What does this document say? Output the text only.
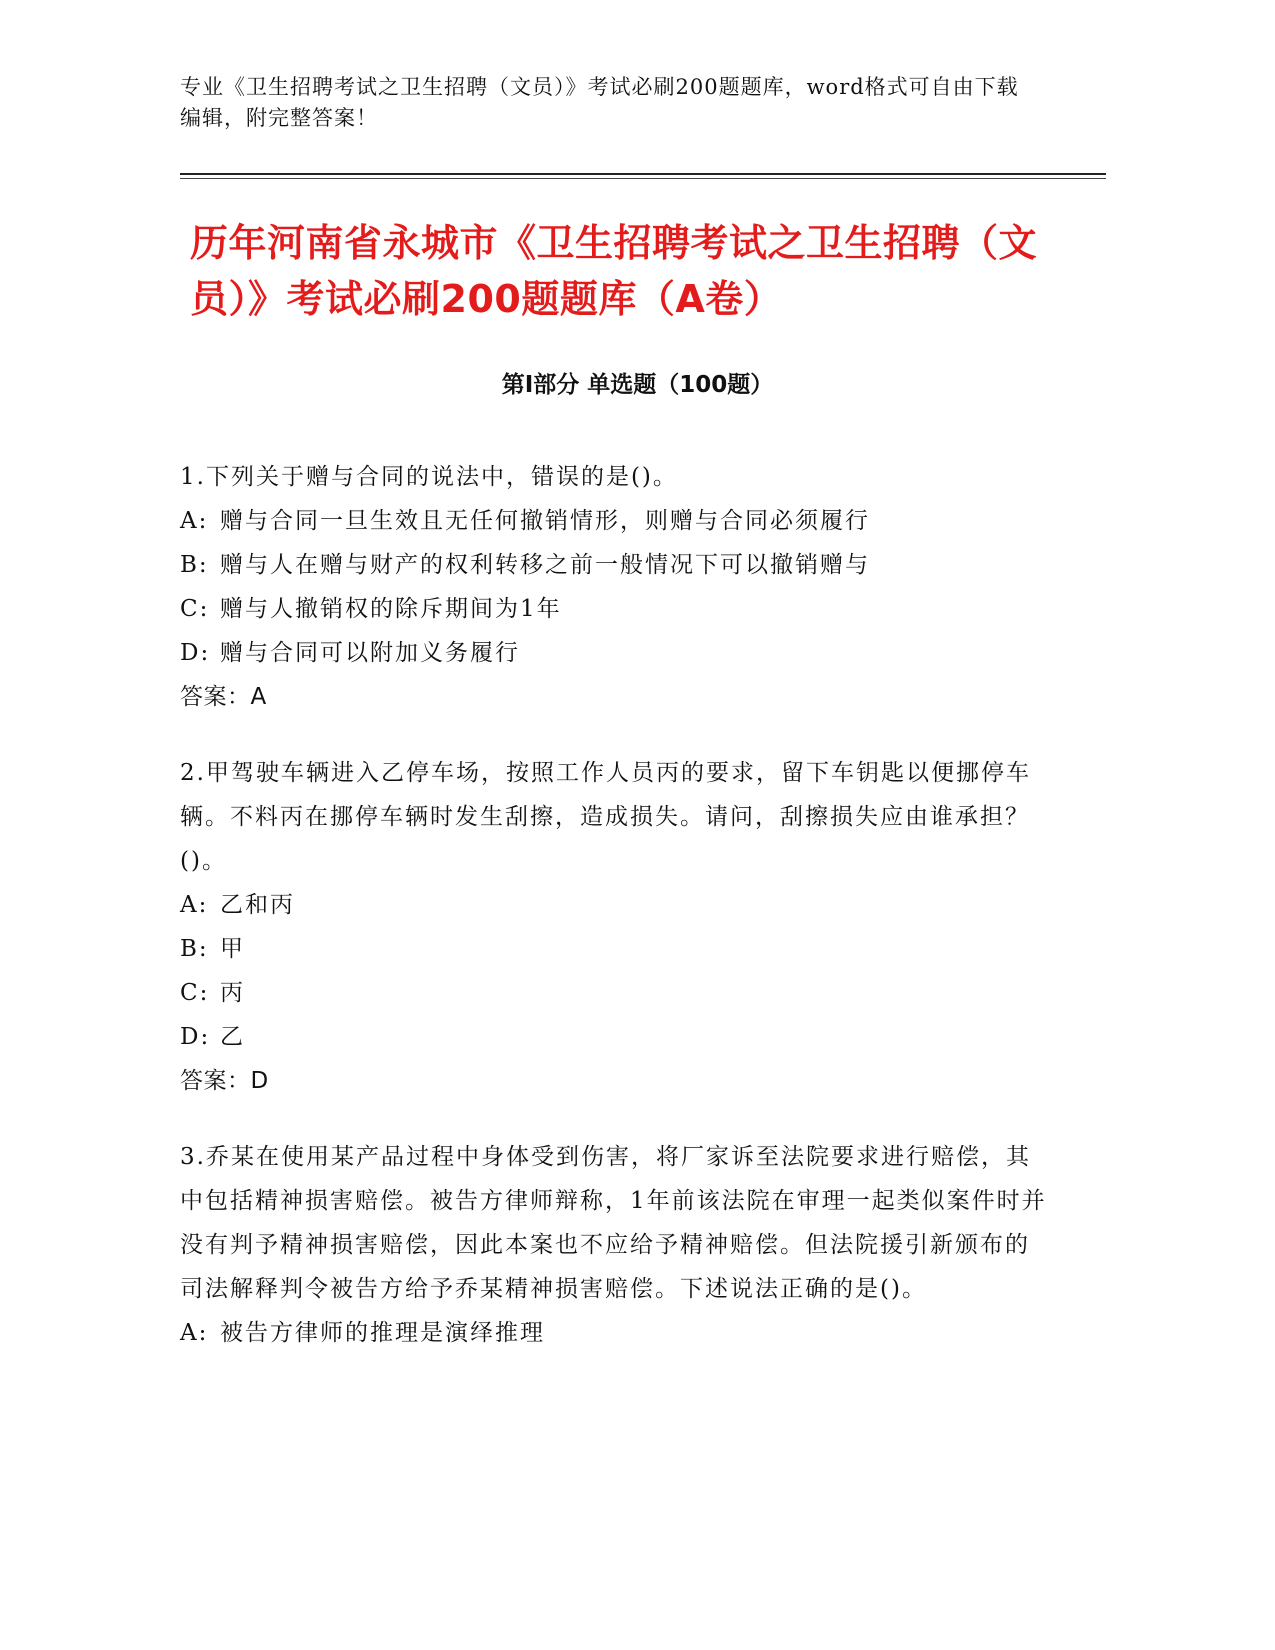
专业《卫生招聘考试之卫生招聘（文员）》考试必刷200题题库，word格式可自由下载编辑，附完整答案！
历年河南省永城市《卫生招聘考试之卫生招聘（文员）》考试必刷200题题库（A卷）
第Ⅰ部分 单选题（100题）

1.下列关于赠与合同的说法中，错误的是()。

A: 赠与合同一旦生效且无任何撤销情形，则赠与合同必须履行

B: 赠与人在赠与财产的权利转移之前一般情况下可以撤销赠与

C: 赠与人撤销权的除斥期间为1年

D: 赠与合同可以附加义务履行

答案：A

2.甲驾驶车辆进入乙停车场，按照工作人员丙的要求，留下车钥匙以便挪停车辆。不料丙在挪停车辆时发生刮擦，造成损失。请问，刮擦损失应由谁承担？()。

A: 乙和丙

B: 甲

C: 丙

D: 乙

答案：D

3.乔某在使用某产品过程中身体受到伤害，将厂家诉至法院要求进行赔偿，其中包括精神损害赔偿。被告方律师辩称，1年前该法院在审理一起类似案件时并没有判予精神损害赔偿，因此本案也不应给予精神赔偿。但法院援引新颁布的司法解释判令被告方给予乔某精神损害赔偿。下述说法正确的是()。

A: 被告方律师的推理是演绎推理
